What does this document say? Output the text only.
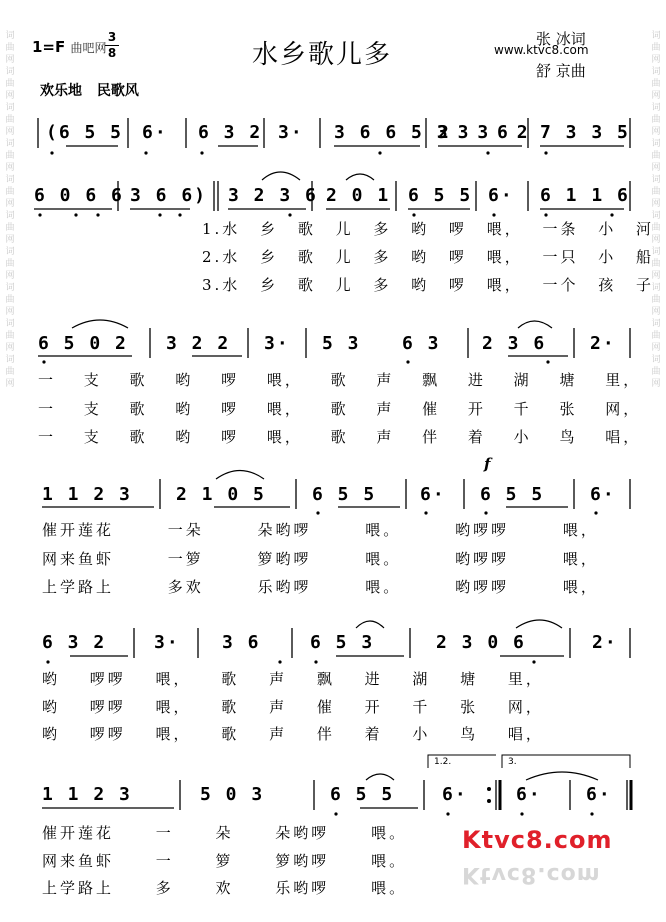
词曲网词曲网词曲网词曲网词曲网词曲网词曲网词曲网词曲网词曲网
词曲网词曲网词曲网词曲网词曲网词曲网词曲网词曲网词曲网词曲网
1=F 曲吧网
3
8	水乡歌儿多	www.ktvc8.com
张 冰词
舒 京曲
欢乐地 民歌风
(6 5 5 6· 6 3 2 3· 3 6 6 5 3
2 3 3 6 2 7 3 3 5
6 0 6 6 3 6 6) 3 2 3 6 2 0 1 6 5 5 6· 6 1 1 6
1.水 乡 歌 儿 多 哟 啰 喂， 一条 小 河
2.水 乡 歌 儿 多 哟 啰 喂， 一只 小 船
3.水 乡 歌 儿 多 哟 啰 喂， 一个 孩 子
6 5 0 2 3 2 2 3· 5 3 6 3 2 3 6 2·
一 支 歌 哟 啰 喂， 歌 声 飘 进 湖 塘 里，
一 支 歌 哟 啰 喂， 歌 声 催 开 千 张 网，
一 支 歌 哟 啰 喂， 歌 声 伴 着 小 鸟 唱，
f
1 1 2 3 2 1 0 5	6 5 5 6· 6 5 5	6·
催开莲花 一朵 朵哟啰 喂。 哟啰啰 喂，
网来鱼虾 一箩 箩哟啰 喂。 哟啰啰 喂，
上学路上 多欢 乐哟啰 喂。 哟啰啰 喂，
6 3 2	3· 3 6	6 5 3	2 3 0 6	2·
哟 啰啰 喂， 歌 声 飘 进 湖 塘 里，
哟 啰啰 喂， 歌 声 催 开 千 张 网，
哟 啰啰 喂， 歌 声 伴 着 小 鸟 唱，
1.2.	3.
1 1 2 3	5 0 3	6 5 5	6·	6· 6·
催开莲花 一 朵 朵哟啰 喂。
网来鱼虾 一 箩 箩哟啰 喂。
上学路上 多 欢 乐哟啰 喂。
Ktvc8.com
Ktvc8.com
